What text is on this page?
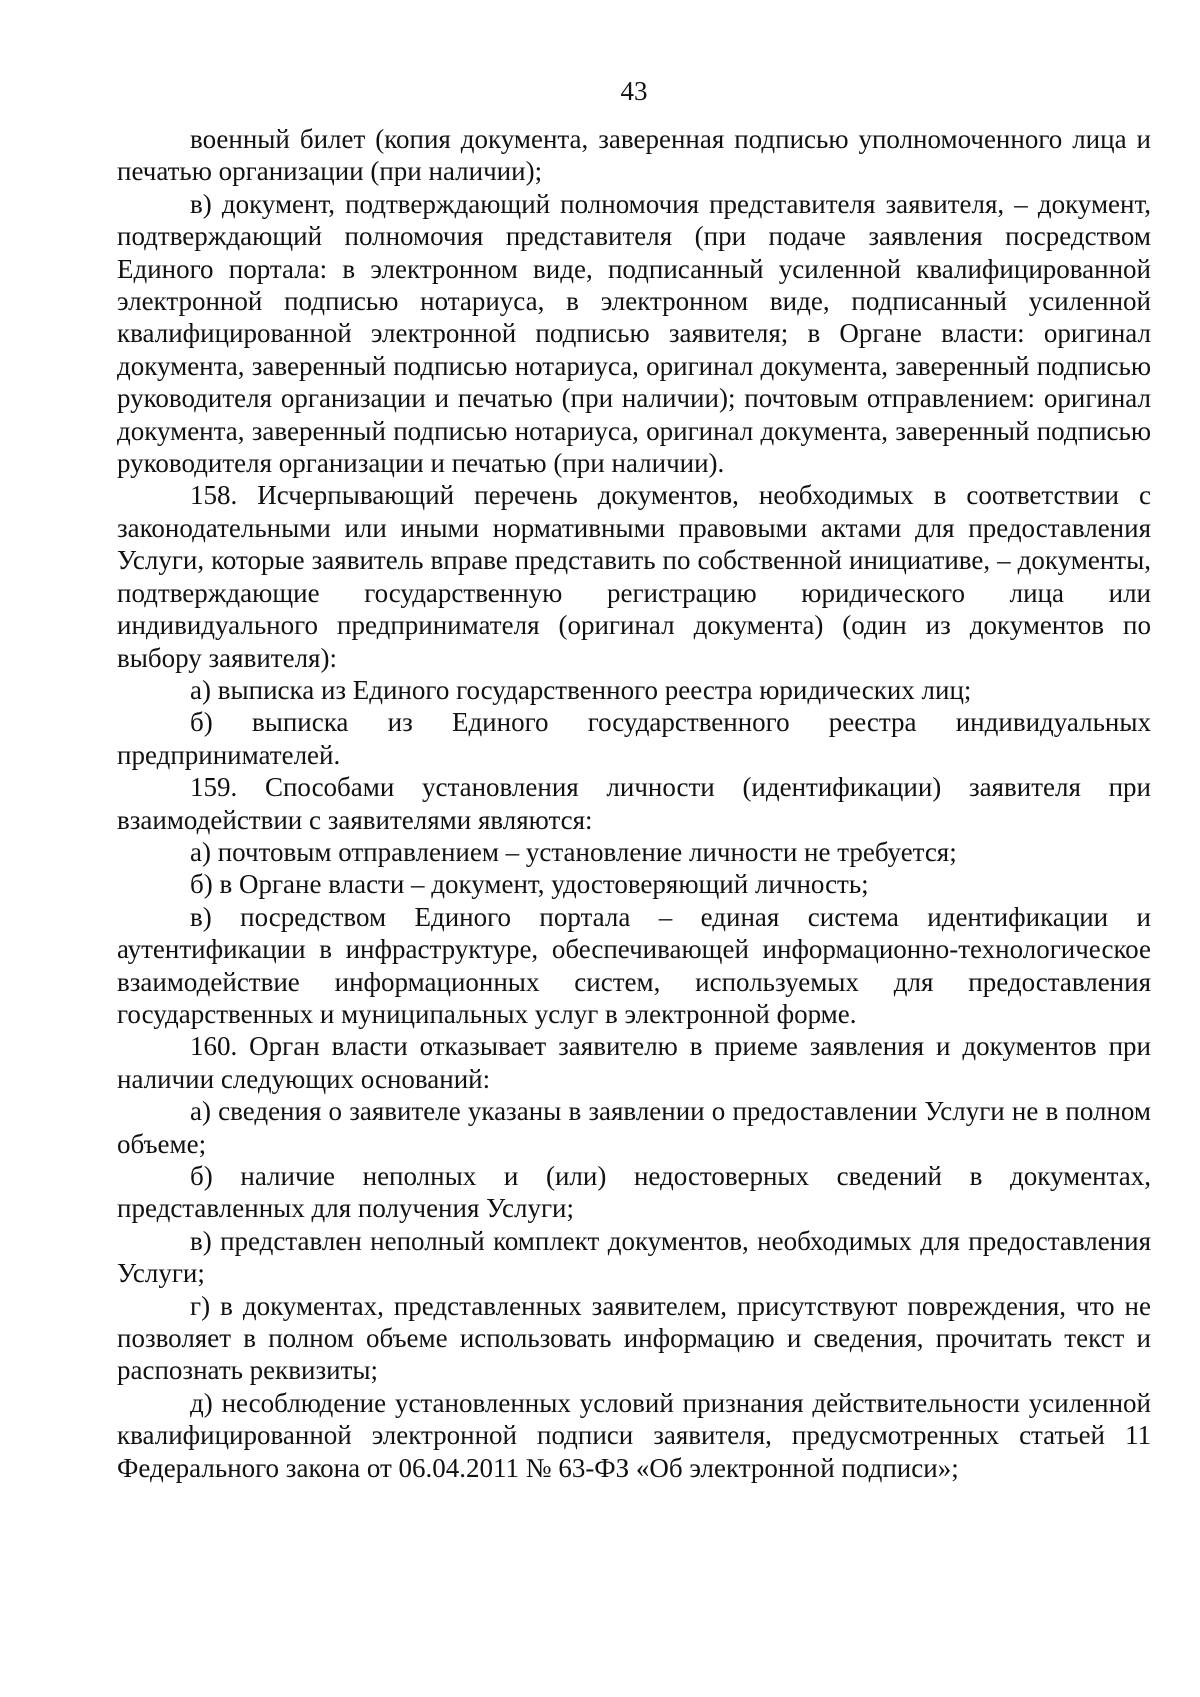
43

военный билет (копия документа, заверенная подписью уполномоченного лица и печатью организации (при наличии);

в) документ, подтверждающий полномочия представителя заявителя, – документ, подтверждающий полномочия представителя (при подаче заявления посредством Единого портала: в электронном виде, подписанный усиленной квалифицированной электронной подписью нотариуса, в электронном виде, подписанный усиленной квалифицированной электронной подписью заявителя; в Органе власти: оригинал документа, заверенный подписью нотариуса, оригинал документа, заверенный подписью руководителя организации и печатью (при наличии); почтовым отправлением: оригинал документа, заверенный подписью нотариуса, оригинал документа, заверенный подписью руководителя организации и печатью (при наличии).

158. Исчерпывающий перечень документов, необходимых в соответствии с законодательными или иными нормативными правовыми актами для предоставления Услуги, которые заявитель вправе представить по собственной инициативе, – документы, подтверждающие государственную регистрацию юридического лица или индивидуального предпринимателя (оригинал документа) (один из документов по выбору заявителя):

а) выписка из Единого государственного реестра юридических лиц;

б) выписка из Единого государственного реестра индивидуальных предпринимателей.

159. Способами установления личности (идентификации) заявителя при взаимодействии с заявителями являются:

а) почтовым отправлением – установление личности не требуется;

б) в Органе власти – документ, удостоверяющий личность;

в) посредством Единого портала – единая система идентификации и аутентификации в инфраструктуре, обеспечивающей информационно-технологическое взаимодействие информационных систем, используемых для предоставления государственных и муниципальных услуг в электронной форме.

160. Орган власти отказывает заявителю в приеме заявления и документов при наличии следующих оснований:

а) сведения о заявителе указаны в заявлении о предоставлении Услуги не в полном объеме;

б) наличие неполных и (или) недостоверных сведений в документах, представленных для получения Услуги;

в) представлен неполный комплект документов, необходимых для предоставления Услуги;

г) в документах, представленных заявителем, присутствуют повреждения, что не позволяет в полном объеме использовать информацию и сведения, прочитать текст и распознать реквизиты;

д) несоблюдение установленных условий признания действительности усиленной квалифицированной электронной подписи заявителя, предусмотренных статьей 11 Федерального закона от 06.04.2011 № 63-ФЗ «Об электронной подписи»;
